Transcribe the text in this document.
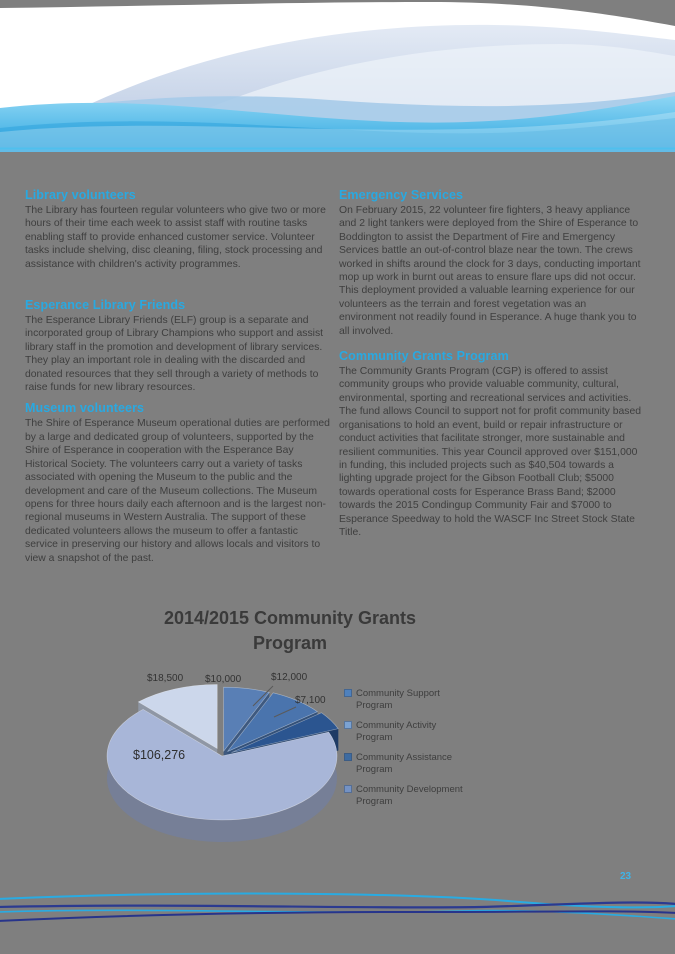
Library volunteers

The Library has fourteen regular volunteers who give two or more hours of their time each week to assist staff with routine tasks enabling staff to provide enhanced customer service. Volunteer tasks include shelving, disc cleaning, filing, stock processing and assistance with children's activity programmes.

Esperance Library Friends

The Esperance Library Friends (ELF) group is a separate and incorporated group of Library Champions who support and assist library staff in the promotion and development of library services. They play an important role in dealing with the discarded and donated resources that they sell through a variety of methods to raise funds for new library resources.

Museum volunteers

The Shire of Esperance Museum operational duties are performed by a large and dedicated group of volunteers, supported by the Shire of Esperance in cooperation with the Esperance Bay Historical Society. The volunteers carry out a variety of tasks associated with opening the Museum to the public and the development and care of the Museum collections. The Museum opens for three hours daily each afternoon and is the largest non-regional museums in Western Australia. The support of these dedicated volunteers allows the museum to offer a fantastic service in preserving our history and allows locals and visitors to view a snapshot of the past.

Emergency Services

On February 2015, 22 volunteer fire fighters, 3 heavy appliance and 2 light tankers were deployed from the Shire of Esperance to Boddington to assist the Department of Fire and Emergency Services battle an out-of-control blaze near the town. The crews worked in shifts around the clock for 3 days, conducting important mop up work in burnt out areas to ensure flare ups did not occur. This deployment provided a valuable learning experience for our volunteers as the terrain and forest vegetation was an environment not readily found in Esperance. A huge thank you to all involved.

Community Grants Program

The Community Grants Program (CGP) is offered to assist community groups who provide valuable community, cultural, environmental, sporting and recreational services and activities. The fund allows Council to support not for profit community based organisations to hold an event, build or repair infrastructure or conduct activities that facilitate stronger, more sustainable and resilient communities. This year Council approved over $151,000 in funding, this included projects such as $40,504 towards a lighting upgrade project for the Gibson Football Club; $5000 towards operational costs for Esperance Brass Band; $2000 towards the 2015 Condingup Community Fair and $7000 to Esperance Speedway to hold the WASCF Inc Street Stock State Title.

2014/2015 Community Grants
Program
Community Support Program
Community Activity Program
Community Assistance Program
Community Development Program
$10,000	$12,000
$7,100
$106,276
$18,500
23
